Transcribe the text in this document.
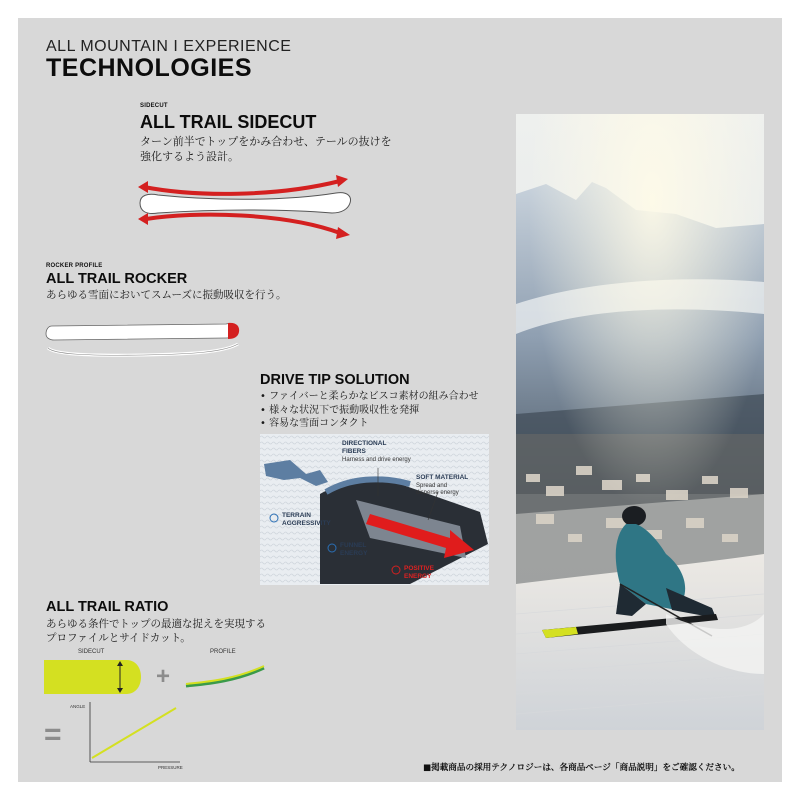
ALL MOUNTAIN I EXPERIENCE
TECHNOLOGIES
SIDECUT
ALL TRAIL SIDECUT
ターン前半でトップをかみ合わせ、テールの抜けを
強化するよう設計。
ROCKER PROFILE
ALL TRAIL ROCKER
あらゆる雪面においてスムーズに振動吸収を行う。
DRIVE TIP SOLUTION
• ファイバーと柔らかなビスコ素材の組み合わせ
• 様々な状況下で振動吸収性を発揮
• 容易な雪面コンタクト
DIRECTIONAL
FIBERS
Harness and drive energy
SOFT MATERIAL
Spread and
disperse energy
TERRAIN
AGGRESSIVITY
FUNNEL
ENERGY
POSITIVE
ENERGY
ALL TRAIL RATIO
あらゆる条件でトップの最適な捉えを実現する
プロファイルとサイドカット。
SIDECUT	PROFILE
+
=
ANGLE
PRESSURE	■掲載商品の採用テクノロジーは、各商品ページ「商品説明」をご確認ください。
